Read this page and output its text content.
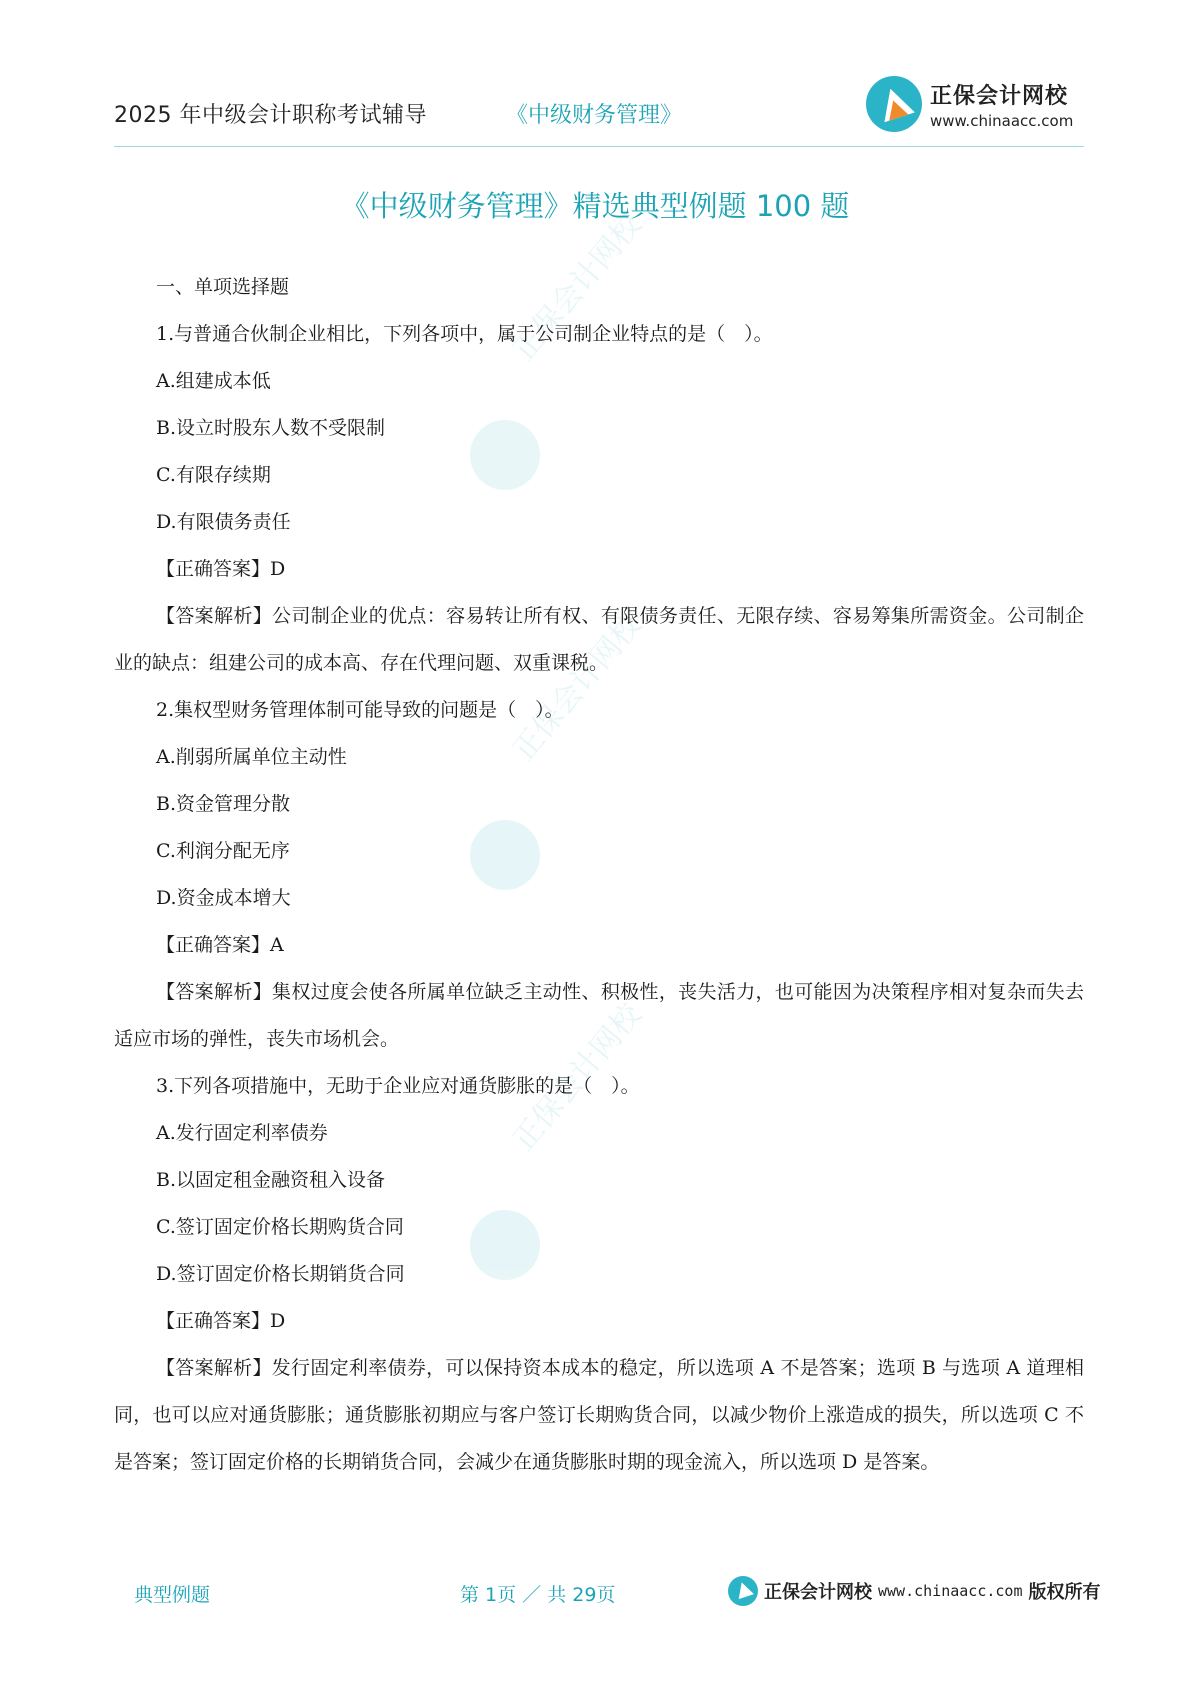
2025 年中级会计职称考试辅导	《中级财务管理》
正保会计网校
www.chinaacc.com
正保会计网校
正保会计网校
正保会计网校
《中级财务管理》精选典型例题 100 题

一、单项选择题

1.与普通合伙制企业相比，下列各项中，属于公司制企业特点的是（　）。

A.组建成本低

B.设立时股东人数不受限制

C.有限存续期

D.有限债务责任

【正确答案】D

【答案解析】公司制企业的优点：容易转让所有权、有限债务责任、无限存续、容易筹集所需资金。公司制企业的缺点：组建公司的成本高、存在代理问题、双重课税。

2.集权型财务管理体制可能导致的问题是（　）。

A.削弱所属单位主动性

B.资金管理分散

C.利润分配无序

D.资金成本增大

【正确答案】A

【答案解析】集权过度会使各所属单位缺乏主动性、积极性，丧失活力，也可能因为决策程序相对复杂而失去适应市场的弹性，丧失市场机会。

3.下列各项措施中，无助于企业应对通货膨胀的是（　）。

A.发行固定利率债券

B.以固定租金融资租入设备

C.签订固定价格长期购货合同

D.签订固定价格长期销货合同

【正确答案】D

【答案解析】发行固定利率债券，可以保持资本成本的稳定，所以选项 A 不是答案；选项 B 与选项 A 道理相同，也可以应对通货膨胀；通货膨胀初期应与客户签订长期购货合同，以减少物价上涨造成的损失，所以选项 C 不是答案；签订固定价格的长期销货合同，会减少在通货膨胀时期的现金流入，所以选项 D 是答案。

典型例题	第 1页 ／ 共 29页	正保会计网校 www.chinaacc.com 版权所有
